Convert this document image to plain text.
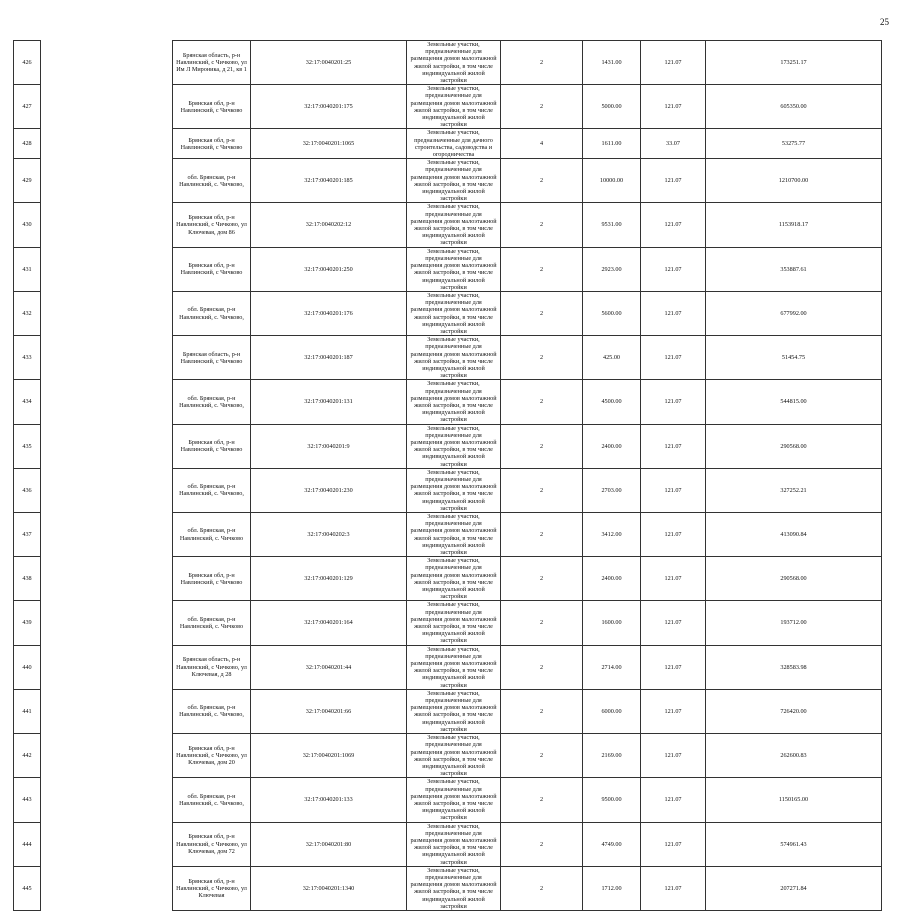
25
426		Брянская область, р-н Навлинский, с Чичково, ул Им Л Мироника, д 21, кв 1	32:17:0040201:25	Земельные участки, предназначенные для размещения домов малоэтажной жилой застройки, в том числе индивидуальной жилой застройки	2	1431.00	121.07	173251.17
427		Брянская обл, р-н Навлинский, с Чичково	32:17:0040201:175	Земельные участки, предназначенные для размещения домов малоэтажной жилой застройки, в том числе индивидуальной жилой застройки	2	5000.00	121.07	605350.00
428		Брянская обл, р-н Навлинский, с Чичково	32:17:0040201:1065	Земельные участки, предназначенные для дачного строительства, садоводства и огородничества	4	1611.00	33.07	53275.77
429		обл. Брянская, р-н Навлинский, с. Чичково,	32:17:0040201:185	Земельные участки, предназначенные для размещения домов малоэтажной жилой застройки, в том числе индивидуальной жилой застройки	2	10000.00	121.07	1210700.00
430		Брянская обл, р-н Навлинский, с Чичково, ул Ключевая, дом 86	32:17:0040202:12	Земельные участки, предназначенные для размещения домов малоэтажной жилой застройки, в том числе индивидуальной жилой застройки	2	9531.00	121.07	1153918.17
431		Брянская обл, р-н Навлинский, с Чичково	32:17:0040201:250	Земельные участки, предназначенные для размещения домов малоэтажной жилой застройки, в том числе индивидуальной жилой застройки	2	2923.00	121.07	353887.61
432		обл. Брянская, р-н Навлинский, с. Чичково,	32:17:0040201:176	Земельные участки, предназначенные для размещения домов малоэтажной жилой застройки, в том числе индивидуальной жилой застройки	2	5600.00	121.07	677992.00
433		Брянская область, р-н Навлинский, с Чичково	32:17:0040201:187	Земельные участки, предназначенные для размещения домов малоэтажной жилой застройки, в том числе индивидуальной жилой застройки	2	425.00	121.07	51454.75
434		обл. Брянская, р-н Навлинский, с. Чичково,	32:17:0040201:131	Земельные участки, предназначенные для размещения домов малоэтажной жилой застройки, в том числе индивидуальной жилой застройки	2	4500.00	121.07	544815.00
435		Брянская обл, р-н Навлинский, с Чичково	32:17:0040201:9	Земельные участки, предназначенные для размещения домов малоэтажной жилой застройки, в том числе индивидуальной жилой застройки	2	2400.00	121.07	290568.00
436		обл. Брянская, р-н Навлинский, с. Чичково,	32:17:0040201:230	Земельные участки, предназначенные для размещения домов малоэтажной жилой застройки, в том числе индивидуальной жилой застройки	2	2703.00	121.07	327252.21
437		обл. Брянская, р-н Навлинский, с. Чичково	32:17:0040202:3	Земельные участки, предназначенные для размещения домов малоэтажной жилой застройки, в том числе индивидуальной жилой застройки	2	3412.00	121.07	413090.84
438		Брянская обл, р-н Навлинский, с Чичково	32:17:0040201:129	Земельные участки, предназначенные для размещения домов малоэтажной жилой застройки, в том числе индивидуальной жилой застройки	2	2400.00	121.07	290568.00
439		обл. Брянская, р-н Навлинский, с. Чичково	32:17:0040201:164	Земельные участки, предназначенные для размещения домов малоэтажной жилой застройки, в том числе индивидуальной жилой застройки	2	1600.00	121.07	193712.00
440		Брянская область, р-н Навлинский, с Чичково, ул Ключевая, д 28	32:17:0040201:44	Земельные участки, предназначенные для размещения домов малоэтажной жилой застройки, в том числе индивидуальной жилой застройки	2	2714.00	121.07	328583.98
441		обл. Брянская, р-н Навлинский, с. Чичково,	32:17:0040201:66	Земельные участки, предназначенные для размещения домов малоэтажной жилой застройки, в том числе индивидуальной жилой застройки	2	6000.00	121.07	726420.00
442		Брянская обл, р-н Навлинский, с Чичково, ул Ключевая, дом 20	32:17:0040201:1069	Земельные участки, предназначенные для размещения домов малоэтажной жилой застройки, в том числе индивидуальной жилой застройки	2	2169.00	121.07	262600.83
443		обл. Брянская, р-н Навлинский, с. Чичково,	32:17:0040201:133	Земельные участки, предназначенные для размещения домов малоэтажной жилой застройки, в том числе индивидуальной жилой застройки	2	9500.00	121.07	1150165.00
444		Брянская обл, р-н Навлинский, с Чичково, ул Ключевая, дом 72	32:17:0040201:80	Земельные участки, предназначенные для размещения домов малоэтажной жилой застройки, в том числе индивидуальной жилой застройки	2	4749.00	121.07	574961.43
445		Брянская обл, р-н Навлинский, с Чичково, ул Ключевая	32:17:0040201:1340	Земельные участки, предназначенные для размещения домов малоэтажной жилой застройки, в том числе индивидуальной жилой застройки	2	1712.00	121.07	207271.84
